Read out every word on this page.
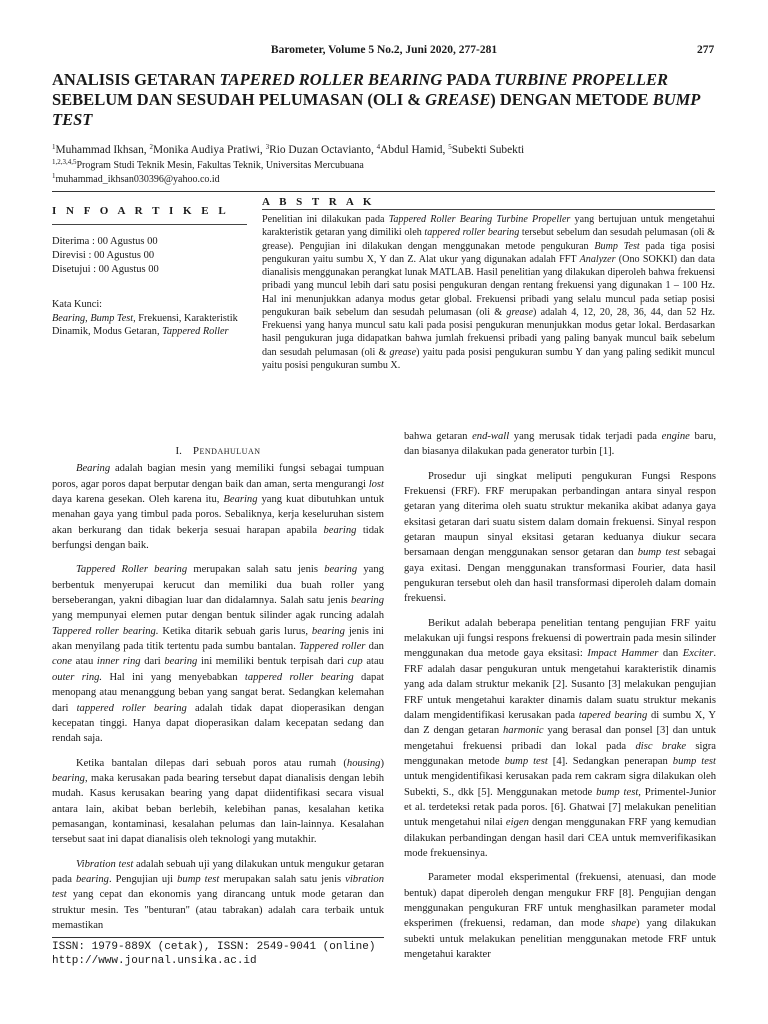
Barometer, Volume 5 No.2, Juni 2020, 277-281	277
ANALISIS GETARAN TAPERED ROLLER BEARING PADA TURBINE PROPELLER SEBELUM DAN SESUDAH PELUMASAN (OLI & GREASE) DENGAN METODE BUMP TEST
$^1$Muhammad Ikhsan, $^2$Monika Audiya Pratiwi, $^3$Rio Duzan Octavianto, $^4$Abdul Hamid, $^5$Subekti Subekti
$^{1,2,3,4,5}$Program Studi Teknik Mesin, Fakultas Teknik, Universitas Mercubuana
$^1$muhammad_ikhsan030396@yahoo.co.id
I N F O A R T I K E L
Diterima : 00 Agustus 00
Direvisi : 00 Agustus 00
Disetujui : 00 Agustus 00
Kata Kunci:
Bearing, Bump Test, Frekuensi, Karakteristik Dinamik, Modus Getaran, Tappered Roller
A B S T R A K

Penelitian ini dilakukan pada Tappered Roller Bearing Turbine Propeller yang bertujuan untuk mengetahui karakteristik getaran yang dimiliki oleh tappered roller bearing tersebut sebelum dan sesudah pelumasan (oli & grease). Pengujian ini dilakukan dengan menggunakan metode pengukuran Bump Test pada tiga posisi pengukuran yaitu sumbu X, Y dan Z. Alat ukur yang digunakan adalah FFT Analyzer (Ono SOKKI) dan data dianalisis menggunakan perangkat lunak MATLAB. Hasil penelitian yang dilakukan diperoleh bahwa frekuensi pribadi yang muncul lebih dari satu posisi pengukuran dengan rentang frekuensi yang digunakan 1 – 100 Hz. Hal ini menunjukkan adanya modus getar global. Frekuensi pribadi yang selalu muncul pada setiap posisi pengukuran baik sebelum dan sesudah pelumasan (oli & grease) adalah 4, 12, 20, 28, 36, 44, dan 52 Hz. Frekuensi yang hanya muncul satu kali pada posisi pengukuran menunjukkan modus getar lokal. Berdasarkan hasil pengukuran juga didapatkan bahwa jumlah frekuensi pribadi yang paling banyak muncul baik sebelum dan sesudah pelumasan (oli & grease) yaitu pada posisi pengukuran sumbu Y dan yang paling sedikit muncul yaitu posisi pengukuran sumbu X.

I. Pendahuluan

Bearing adalah bagian mesin yang memiliki fungsi sebagai tumpuan poros, agar poros dapat berputar dengan baik dan aman, serta mengurangi lost daya karena gesekan. Oleh karena itu, Bearing yang kuat dibutuhkan untuk menahan gaya yang timbul pada poros. Sebaliknya, kerja keseluruhan sistem akan berkurang dan tidak bekerja sesuai harapan apabila bearing tidak berfungsi dengan baik.

Tappered Roller bearing merupakan salah satu jenis bearing yang berbentuk menyerupai kerucut dan memiliki dua buah roller yang berseberangan, yakni dibagian luar dan didalamnya. Salah satu jenis bearing yang mempunyai elemen putar dengan bentuk silinder agak runcing adalah Tappered roller bearing. Ketika ditarik sebuah garis lurus, bearing jenis ini akan menyilang pada titik tertentu pada sumbu bantalan. Tappered roller dan cone atau inner ring dari bearing ini memiliki bentuk terpisah dari cup atau outer ring. Hal ini yang menyebabkan tappered roller bearing dapat menopang atau menanggung beban yang sangat berat. Sedangkan kelemahan dari tappered roller bearing adalah tidak dapat dioperasikan dengan kecepatan tinggi. Hanya dapat dioperasikan dalam kecepatan sedang dan rendah saja.

Ketika bantalan dilepas dari sebuah poros atau rumah (housing) bearing, maka kerusakan pada bearing tersebut dapat dianalisis dengan lebih mudah. Kasus kerusakan bearing yang dapat diidentifikasi secara visual antara lain, akibat beban berlebih, kelebihan panas, kesalahan ketika pemasangan, kontaminasi, kesalahan pelumas dan lain-lainnya. Kesalahan tersebut saat ini dapat dianalisis oleh teknologi yang mutakhir.

Vibration test adalah sebuah uji yang dilakukan untuk mengukur getaran pada bearing. Pengujian uji bump test merupakan salah satu jenis vibration test yang cepat dan ekonomis yang dirancang untuk mode getaran dan struktur mesin. Tes "benturan" (atau tabrakan) adalah cara terbaik untuk memastikan

bahwa getaran end-wall yang merusak tidak terjadi pada engine baru, dan biasanya dilakukan pada generator turbin [1].

Prosedur uji singkat meliputi pengukuran Fungsi Respons Frekuensi (FRF). FRF merupakan perbandingan antara sinyal respon getaran yang diterima oleh suatu struktur mekanika akibat adanya gaya eksitasi getaran dari suatu sistem dalam domain frekuensi. Sinyal respon getaran maupun sinyal eksitasi getaran keduanya diukur secara bersamaan dengan menggunakan sensor getaran dan bump test sebagai gaya exitasi. Dengan menggunakan transformasi Fourier, data hasil pengukuran tersebut oleh dan hasil transformasi diperoleh dalam domain frekuensi.

Berikut adalah beberapa penelitian tentang pengujian FRF yaitu melakukan uji fungsi respons frekuensi di powertrain pada mesin silinder menggunakan dua metode gaya eksitasi: Impact Hammer dan Exciter. FRF adalah dasar pengukuran untuk mengetahui karakteristik dinamis yang ada dalam struktur mekanik [2]. Susanto [3] melakukan pengujian FRF untuk mengetahui karakter dinamis dalam suatu struktur mekanis dalam mengidentifikasi kerusakan pada tapered bearing di sumbu X, Y dan Z dengan getaran harmonic yang berasal dan ponsel [3] dan untuk mengetahui frekuensi pribadi dan lokal pada disc brake sigra menggunakan metode bump test [4]. Sedangkan penerapan bump test untuk mengidentifikasi kerusakan pada rem cakram sigra dilakukan oleh Subekti, S., dkk [5]. Menggunakan metode bump test, Primentel-Junior et al. terdeteksi retak pada poros. [6]. Ghatwai [7] melakukan penelitian untuk mengetahui nilai eigen dengan menggunakan FRF yang kemudian dilakukan perbandingan dengan hasil dari CEA untuk memverifikasikan mode frekuensinya.

Parameter modal eksperimental (frekuensi, atenuasi, dan mode bentuk) dapat diperoleh dengan mengukur FRF [8]. Pengujian dengan menggunakan pengukuran FRF untuk menghasilkan parameter modal eksperimen (frekuensi, redaman, dan mode shape) yang dilakukan subekti untuk melakukan penelitian menggunakan metode FRF untuk mengetahui karakter

ISSN: 1979-889X (cetak), ISSN: 2549-9041 (online)
http://www.journal.unsika.ac.id
